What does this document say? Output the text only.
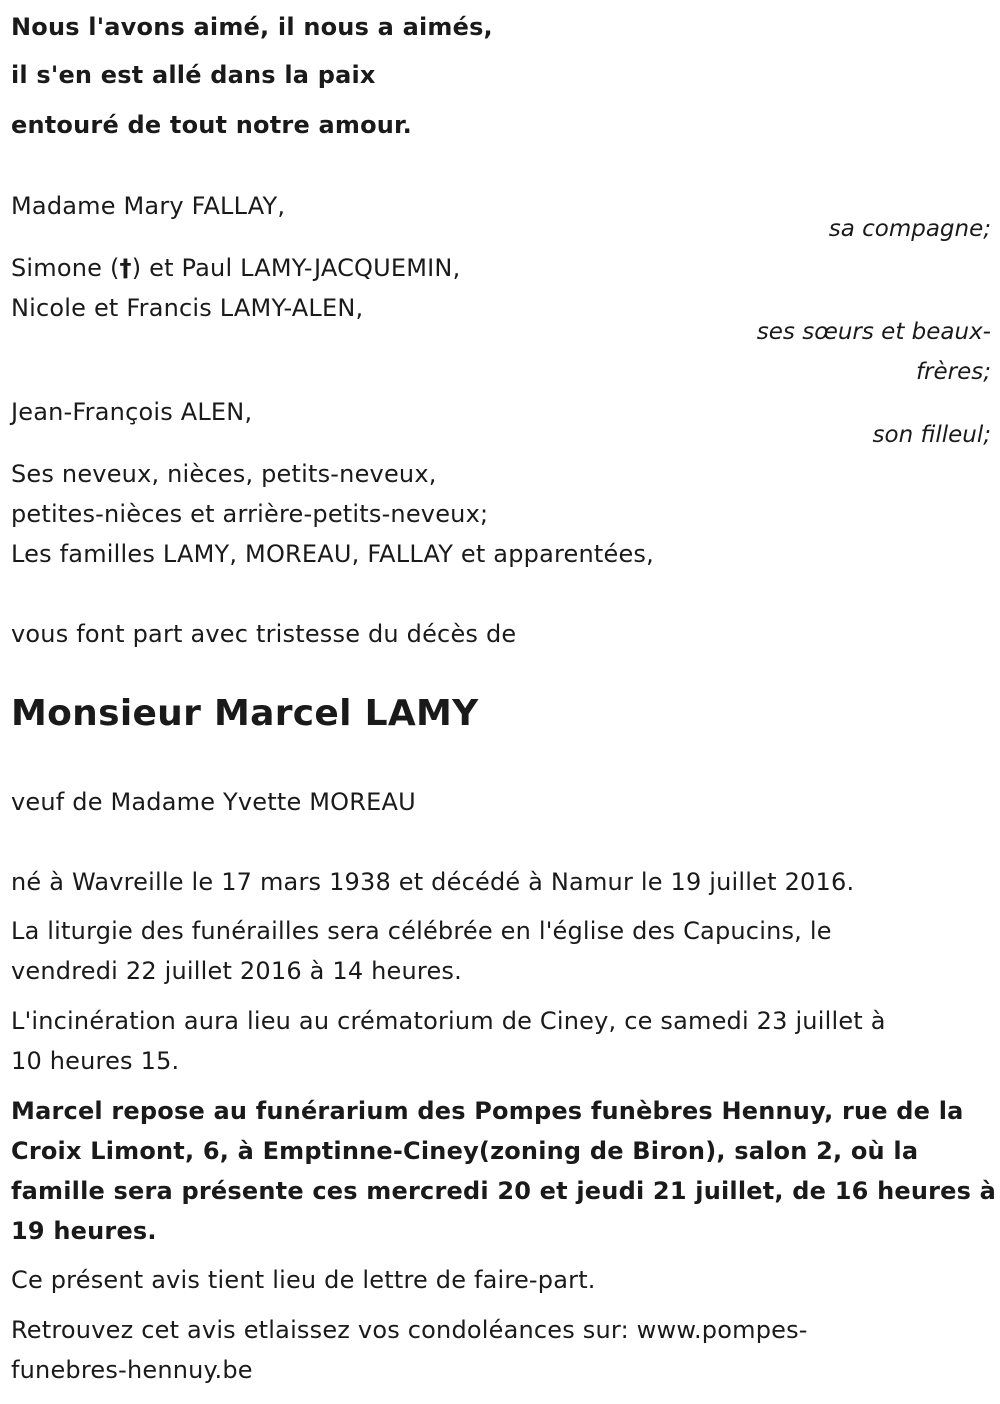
Nous l'avons aimé, il nous a aimés,
il s'en est allé dans la paix
entouré de tout notre amour.
Madame Mary FALLAY,
sa compagne;
Simone (†) et Paul LAMY-JACQUEMIN,
Nicole et Francis LAMY-ALEN,
ses sœurs et beaux-
frères;
Jean-François ALEN,
son filleul;
Ses neveux, nièces, petits-neveux,
petites-nièces et arrière-petits-neveux;
Les familles LAMY, MOREAU, FALLAY et apparentées,
vous font part avec tristesse du décès de
Monsieur Marcel LAMY
veuf de Madame Yvette MOREAU
né à Wavreille le 17 mars 1938 et décédé à Namur le 19 juillet 2016.
La liturgie des funérailles sera célébrée en l'église des Capucins, le
vendredi 22 juillet 2016 à 14 heures.
L'incinération aura lieu au crématorium de Ciney, ce samedi 23 juillet à
10 heures 15.
Marcel repose au funérarium des Pompes funèbres Hennuy, rue de la
Croix Limont, 6, à Emptinne-Ciney(zoning de Biron), salon 2, où la
famille sera présente ces mercredi 20 et jeudi 21 juillet, de 16 heures à
19 heures.
Ce présent avis tient lieu de lettre de faire-part.
Retrouvez cet avis etlaissez vos condoléances sur: www.pompes-
funebres-hennuy.be
